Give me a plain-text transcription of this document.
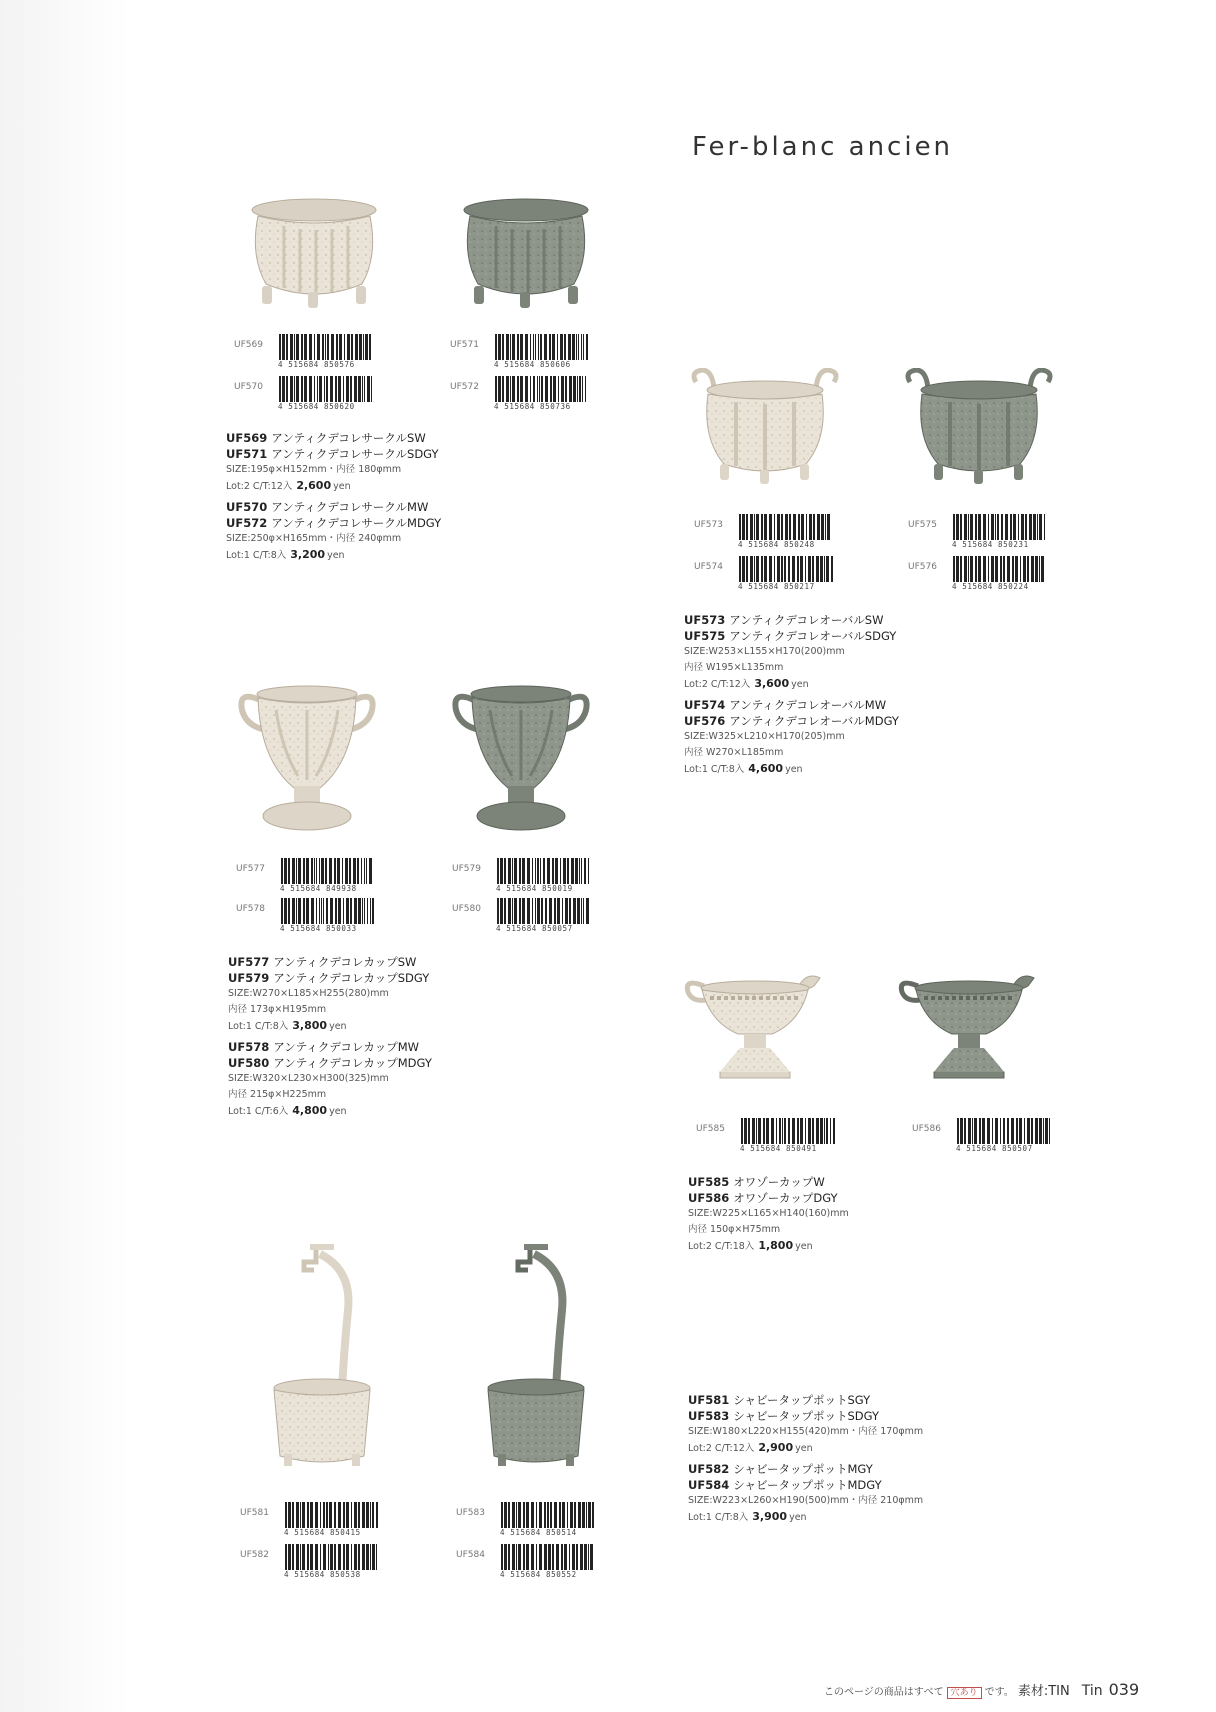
Fer-blanc ancien
UF569
4 515684 850576
UF570
4 515684 850620
UF571
4 515684 850606
UF572
4 515684 850736
UF573
4 515684 850248
UF574
4 515684 850217
UF575
4 515684 850231
UF576
4 515684 850224
UF577
4 515684 849938
UF578
4 515684 850033
UF579
4 515684 850019
UF580
4 515684 850057
UF585
4 515684 850491
UF586
4 515684 850507
UF581
4 515684 850415
UF582
4 515684 850538
UF583
4 515684 850514
UF584
4 515684 850552
UF569 アンティクデコレサークルSW
UF571 アンティクデコレサークルSDGY
SIZE:195φ×H152mm・内径 180φmm
Lot:2 C/T:12入 2,600 yen
UF570 アンティクデコレサークルMW
UF572 アンティクデコレサークルMDGY
SIZE:250φ×H165mm・内径 240φmm
Lot:1 C/T:8入 3,200 yen
UF573 アンティクデコレオーバルSW
UF575 アンティクデコレオーバルSDGY
SIZE:W253×L155×H170(200)mm
内径 W195×L135mm
Lot:2 C/T:12入 3,600 yen
UF574 アンティクデコレオーバルMW
UF576 アンティクデコレオーバルMDGY
SIZE:W325×L210×H170(205)mm
内径 W270×L185mm
Lot:1 C/T:8入 4,600 yen
UF577 アンティクデコレカップSW
UF579 アンティクデコレカップSDGY
SIZE:W270×L185×H255(280)mm
内径 173φ×H195mm
Lot:1 C/T:8入 3,800 yen
UF578 アンティクデコレカップMW
UF580 アンティクデコレカップMDGY
SIZE:W320×L230×H300(325)mm
内径 215φ×H225mm
Lot:1 C/T:6入 4,800 yen
UF585 オワゾーカップW
UF586 オワゾーカップDGY
SIZE:W225×L165×H140(160)mm
内径 150φ×H75mm
Lot:2 C/T:18入 1,800 yen
UF581 シャビータップポットSGY
UF583 シャビータップポットSDGY
SIZE:W180×L220×H155(420)mm・内径 170φmm
Lot:2 C/T:12入 2,900 yen
UF582 シャビータップポットMGY
UF584 シャビータップポットMDGY
SIZE:W223×L260×H190(500)mm・内径 210φmm
Lot:1 C/T:8入 3,900 yen
このページの商品はすべて 穴あり です。 素材:TIN Tin 039
